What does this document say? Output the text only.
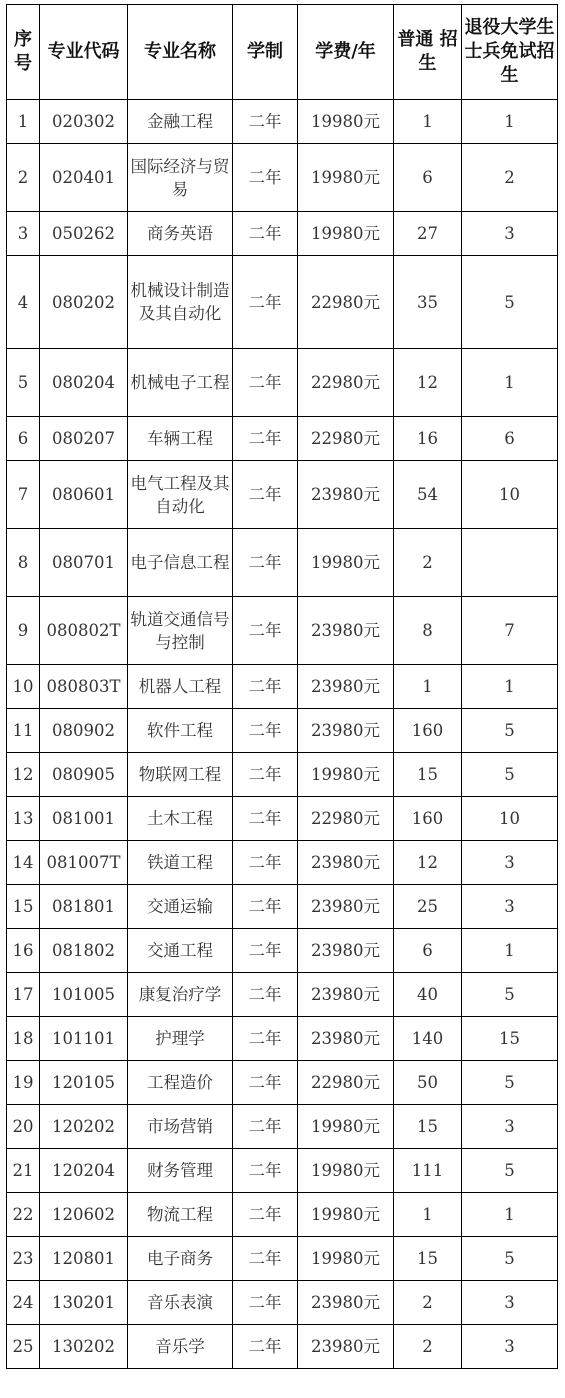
序号	专业代码	专业名称	学制	学费/年	普通 招生	退役大学生士兵免试招生
1	020302	金融工程	二年	19980元	1	1
2	020401	国际经济与贸易	二年	19980元	6	2
3	050262	商务英语	二年	19980元	27	3
4	080202	机械设计制造及其自动化	二年	22980元	35	5
5	080204	机械电子工程	二年	22980元	12	1
6	080207	车辆工程	二年	22980元	16	6
7	080601	电气工程及其自动化	二年	23980元	54	10
8	080701	电子信息工程	二年	19980元	2	
9	080802T	轨道交通信号与控制	二年	23980元	8	7
10	080803T	机器人工程	二年	23980元	1	1
11	080902	软件工程	二年	23980元	160	5
12	080905	物联网工程	二年	19980元	15	5
13	081001	土木工程	二年	22980元	160	10
14	081007T	铁道工程	二年	23980元	12	3
15	081801	交通运输	二年	23980元	25	3
16	081802	交通工程	二年	23980元	6	1
17	101005	康复治疗学	二年	23980元	40	5
18	101101	护理学	二年	23980元	140	15
19	120105	工程造价	二年	22980元	50	5
20	120202	市场营销	二年	19980元	15	3
21	120204	财务管理	二年	19980元	111	5
22	120602	物流工程	二年	19980元	1	1
23	120801	电子商务	二年	19980元	15	5
24	130201	音乐表演	二年	23980元	2	3
25	130202	音乐学	二年	23980元	2	3
